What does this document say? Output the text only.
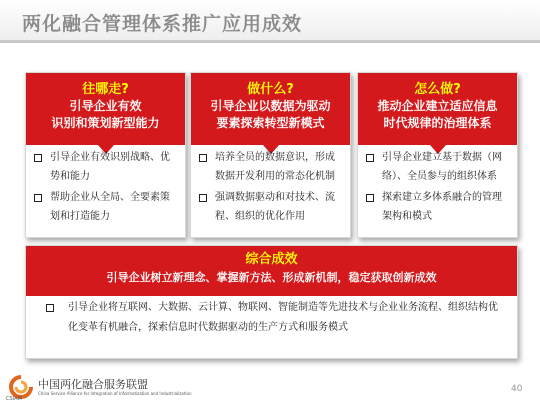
两化融合管理体系推广应用成效
往哪走?
引导企业有效
识别和策划新型能力
引导企业有效识别战略、优势和能力
帮助企业从全局、全要素策划和打造能力
做什么?
引导企业以数据为驱动
要素探索转型新模式
培养全员的数据意识，形成数据开发利用的常态化机制
强调数据驱动和对技术、流程、组织的优化作用
怎么做?
推动企业建立适应信息
时代规律的治理体系
引导企业建立基于数据（网络）、全员参与的组织体系
探索建立多体系融合的管理架构和模式
综合成效
引导企业树立新理念、掌握新方法、形成新机制，稳定获取创新成效
引导企业将互联网、大数据、云计算、物联网、智能制造等先进技术与企业业务流程、组织结构优化变革有机融合，探索信息时代数据驱动的生产方式和服务模式
CSIAM
中国两化融合服务联盟
China Service Alliance for Integration of Informatization and Industrialization	40
